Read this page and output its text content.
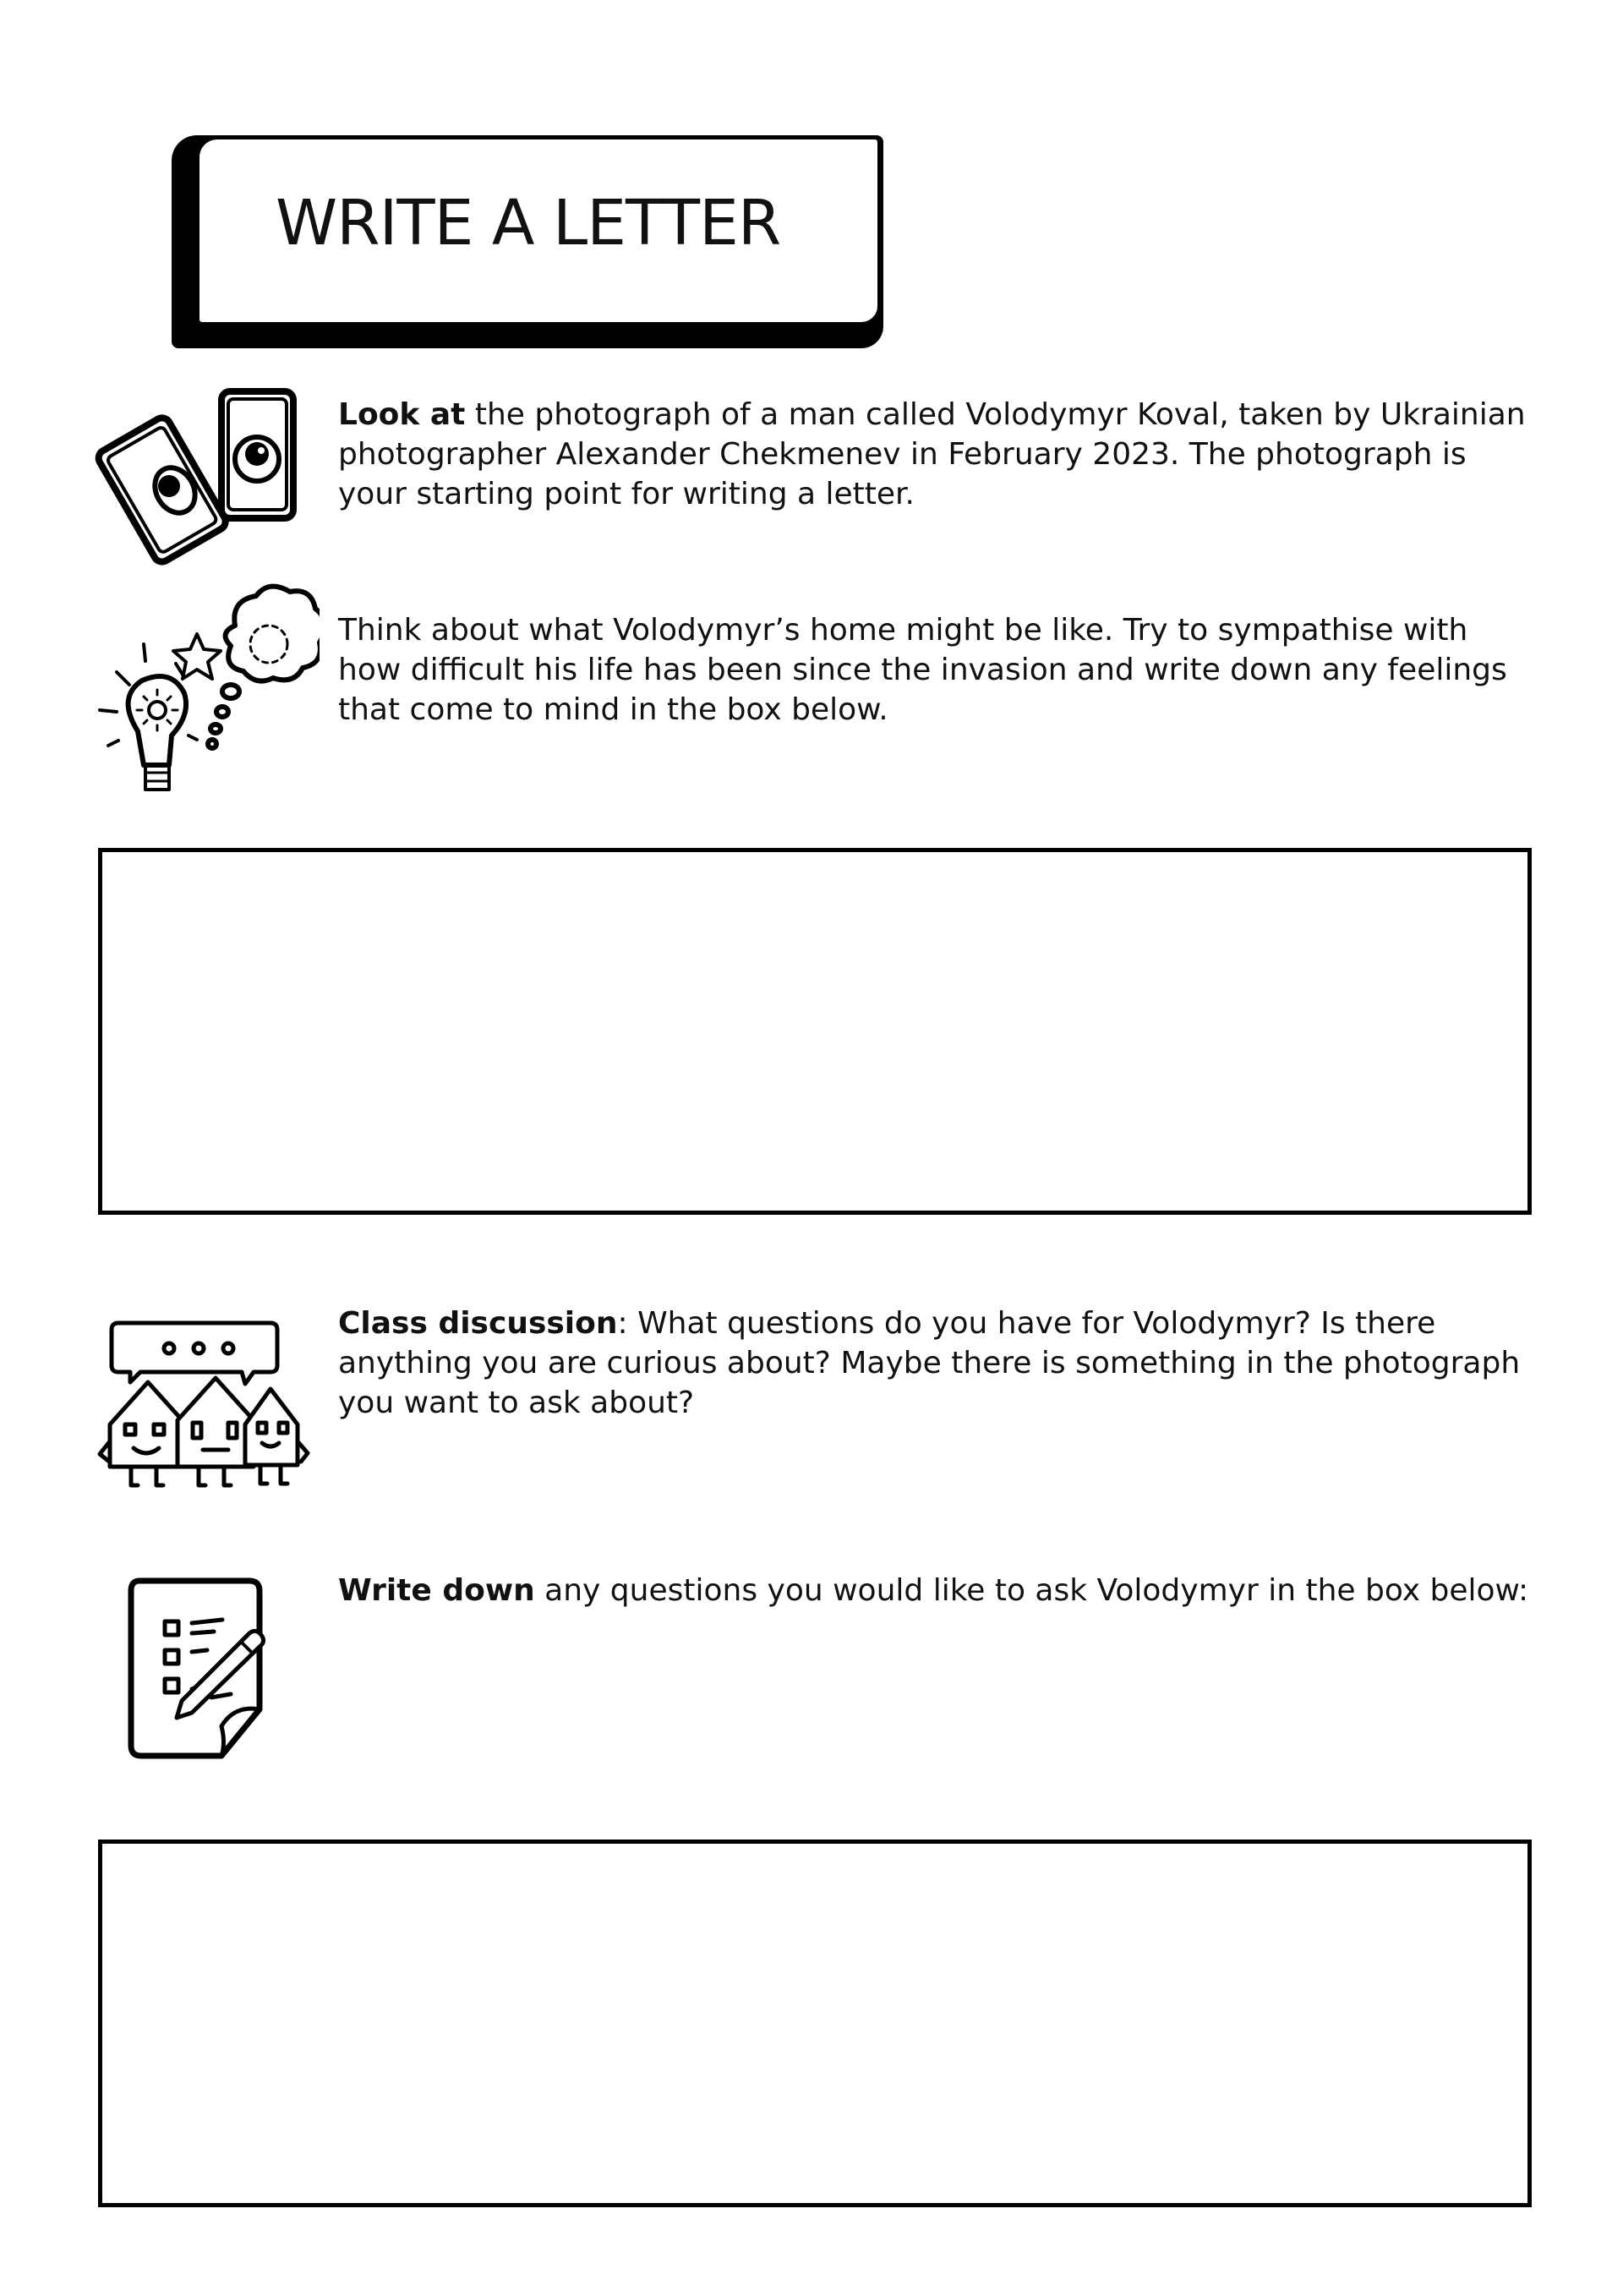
WRITE A LETTER
Look at the photograph of a man called Volodymyr Koval, taken by Ukrainian photographer Alexander Chekmenev in February 2023. The photograph is your starting point for writing a letter.
Think about what Volodymyr’s home might be like. Try to sympathise with how difficult his life has been since the invasion and write down any feelings that come to mind in the box below.
Class discussion: What questions do you have for Volodymyr? Is there anything you are curious about? Maybe there is something in the photograph you want to ask about?
Write down any questions you would like to ask Volodymyr in the box below:
